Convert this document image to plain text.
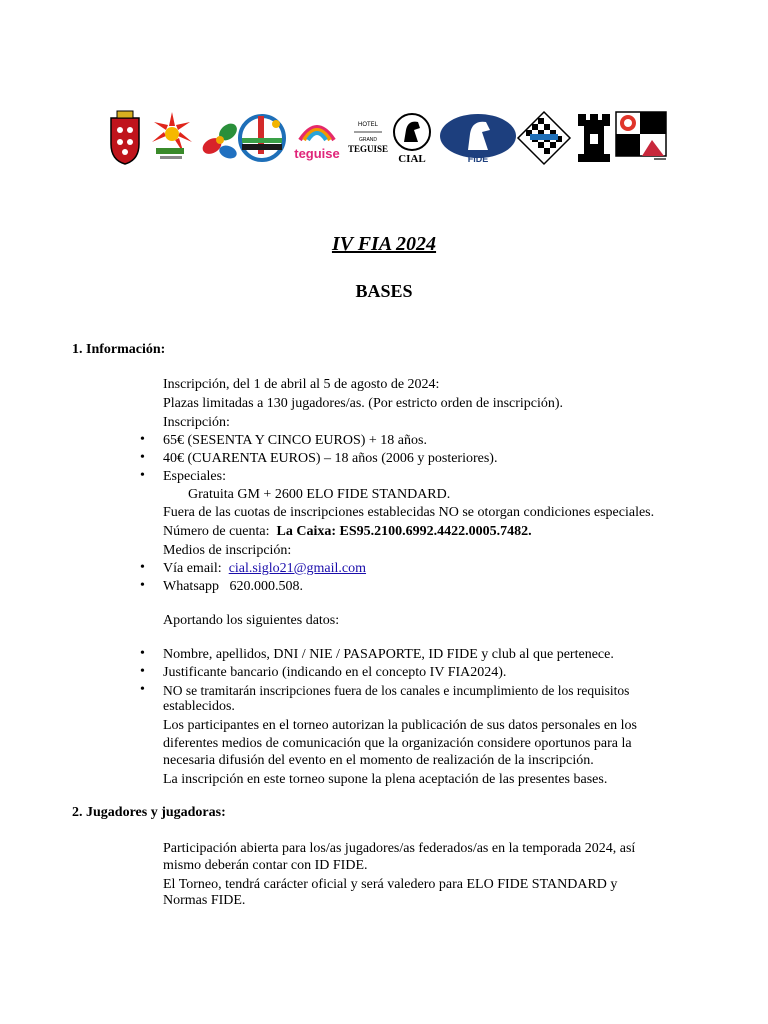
teguise
HOTEL
GRAND
TEGUISE
CIAL	FIDE
IV FIA 2024
BASES
1. Información:
Inscripción, del 1 de abril al 5 de agosto de 2024:
Plazas limitadas a 130 jugadores/as. (Por estricto orden de inscripción).
Inscripción:
• 65€ (SESENTA Y CINCO EUROS) + 18 años.
• 40€ (CUARENTA EUROS) – 18 años (2006 y posteriores).
• Especiales:
Gratuita GM + 2600 ELO FIDE STANDARD.
Fuera de las cuotas de inscripciones establecidas NO se otorgan condiciones especiales.
Número de cuenta: La Caixa: ES95.2100.6992.4422.0005.7482.
Medios de inscripción:
• Vía email: cial.siglo21@gmail.com
• Whatsapp 620.000.508.
Aportando los siguientes datos:
• Nombre, apellidos, DNI / NIE / PASAPORTE, ID FIDE y club al que pertenece.
• Justificante bancario (indicando en el concepto IV FIA2024).
• NO se tramitarán inscripciones fuera de los canales e incumplimiento de los requisitos
establecidos.
Los participantes en el torneo autorizan la publicación de sus datos personales en los
diferentes medios de comunicación que la organización considere oportunos para la
necesaria difusión del evento en el momento de realización de la inscripción.
La inscripción en este torneo supone la plena aceptación de las presentes bases.
2. Jugadores y jugadoras:
Participación abierta para los/as jugadores/as federados/as en la temporada 2024, así
mismo deberán contar con ID FIDE.
El Torneo, tendrá carácter oficial y será valedero para ELO FIDE STANDARD y
Normas FIDE.
